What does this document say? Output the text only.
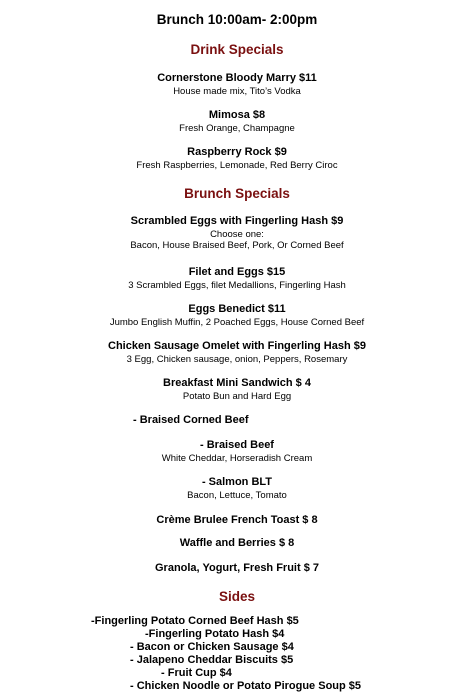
Brunch 10:00am- 2:00pm
Drink Specials
Cornerstone Bloody Marry $11
House made mix, Tito’s Vodka
Mimosa $8
Fresh Orange, Champagne
Raspberry Rock $9
Fresh Raspberries, Lemonade, Red Berry Ciroc
Brunch Specials
Scrambled Eggs with Fingerling Hash $9
Choose one:
Bacon, House Braised Beef, Pork, Or Corned Beef
Filet and Eggs $15
3 Scrambled Eggs, filet Medallions, Fingerling Hash
Eggs Benedict $11
Jumbo English Muffin, 2 Poached Eggs, House Corned Beef
Chicken Sausage Omelet with Fingerling Hash $9
3 Egg, Chicken sausage, onion, Peppers, Rosemary
Breakfast Mini Sandwich $ 4
Potato Bun and Hard Egg
- Braised Corned Beef
- Braised Beef
White Cheddar, Horseradish Cream
- Salmon BLT
Bacon, Lettuce, Tomato
Crème Brulee French Toast $ 8
Waffle and Berries $ 8
Granola, Yogurt, Fresh Fruit $ 7
Sides
-Fingerling Potato Corned Beef Hash $5
-Fingerling Potato Hash $4
- Bacon or Chicken Sausage $4
- Jalapeno Cheddar Biscuits $5
- Fruit Cup $4
- Chicken Noodle or Potato Pirogue Soup $5
